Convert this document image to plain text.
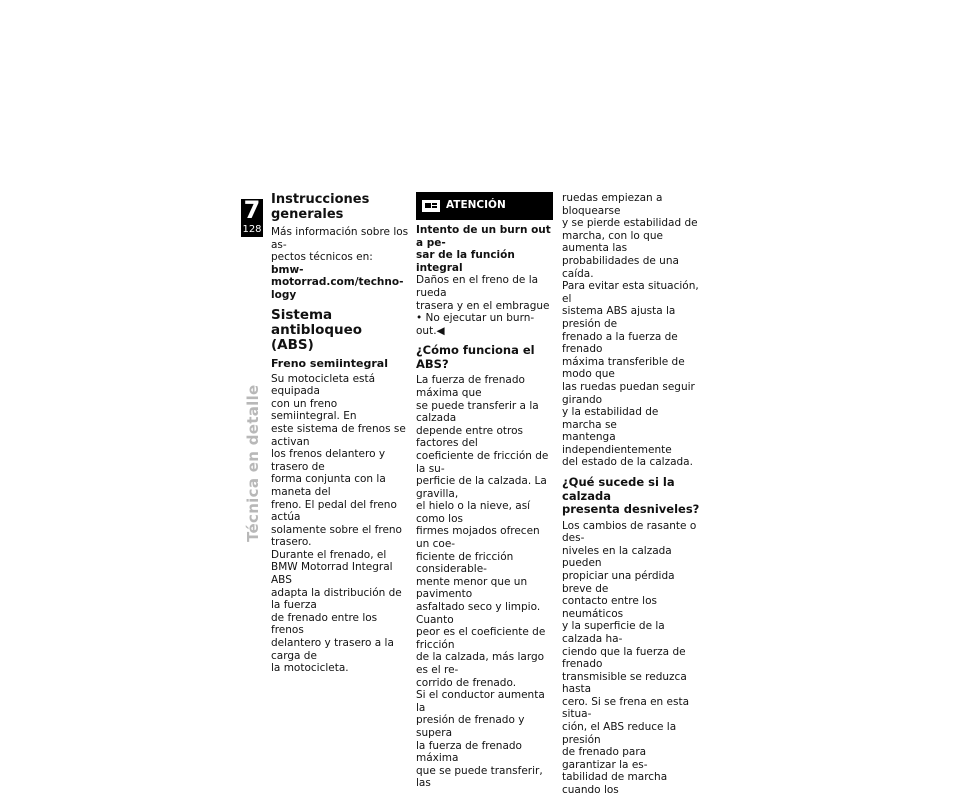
7
128
Técnica en detalle
Instrucciones generales

Más información sobre los as-

pectos técnicos en:

bmw-motorrad.com/techno-

logy

Sistema antibloqueo
(ABS)
Freno semiintegral

Su motocicleta está equipada

con un freno semiintegral. En

este sistema de frenos se activan

los frenos delantero y trasero de

forma conjunta con la maneta del

freno. El pedal del freno actúa

solamente sobre el freno trasero.

Durante el frenado, el

BMW Motorrad Integral ABS

adapta la distribución de la fuerza

de frenado entre los frenos

delantero y trasero a la carga de

la motocicleta.

ATENCIÓN

Intento de un burn out a pe-

sar de la función integral

Daños en el freno de la rueda

trasera y en el embrague

• No ejecutar un burn-out.◀

¿Cómo funciona el ABS?

La fuerza de frenado máxima que

se puede transferir a la calzada

depende entre otros factores del

coeficiente de fricción de la su-

perficie de la calzada. La gravilla,

el hielo o la nieve, así como los

firmes mojados ofrecen un coe-

ficiente de fricción considerable-

mente menor que un pavimento

asfaltado seco y limpio. Cuanto

peor es el coeficiente de fricción

de la calzada, más largo es el re-

corrido de frenado.

Si el conductor aumenta la

presión de frenado y supera

la fuerza de frenado máxima

que se puede transferir, las

ruedas empiezan a bloquearse

y se pierde estabilidad de

marcha, con lo que aumenta las

probabilidades de una caída.

Para evitar esta situación, el

sistema ABS ajusta la presión de

frenado a la fuerza de frenado

máxima transferible de modo que

las ruedas puedan seguir girando

y la estabilidad de marcha se

mantenga independientemente

del estado de la calzada.

¿Qué sucede si la calzada
presenta desniveles?

Los cambios de rasante o des-

niveles en la calzada pueden

propiciar una pérdida breve de

contacto entre los neumáticos

y la superficie de la calzada ha-

ciendo que la fuerza de frenado

transmisible se reduzca hasta

cero. Si se frena en esta situa-

ción, el ABS reduce la presión

de frenado para garantizar la es-

tabilidad de marcha cuando los
